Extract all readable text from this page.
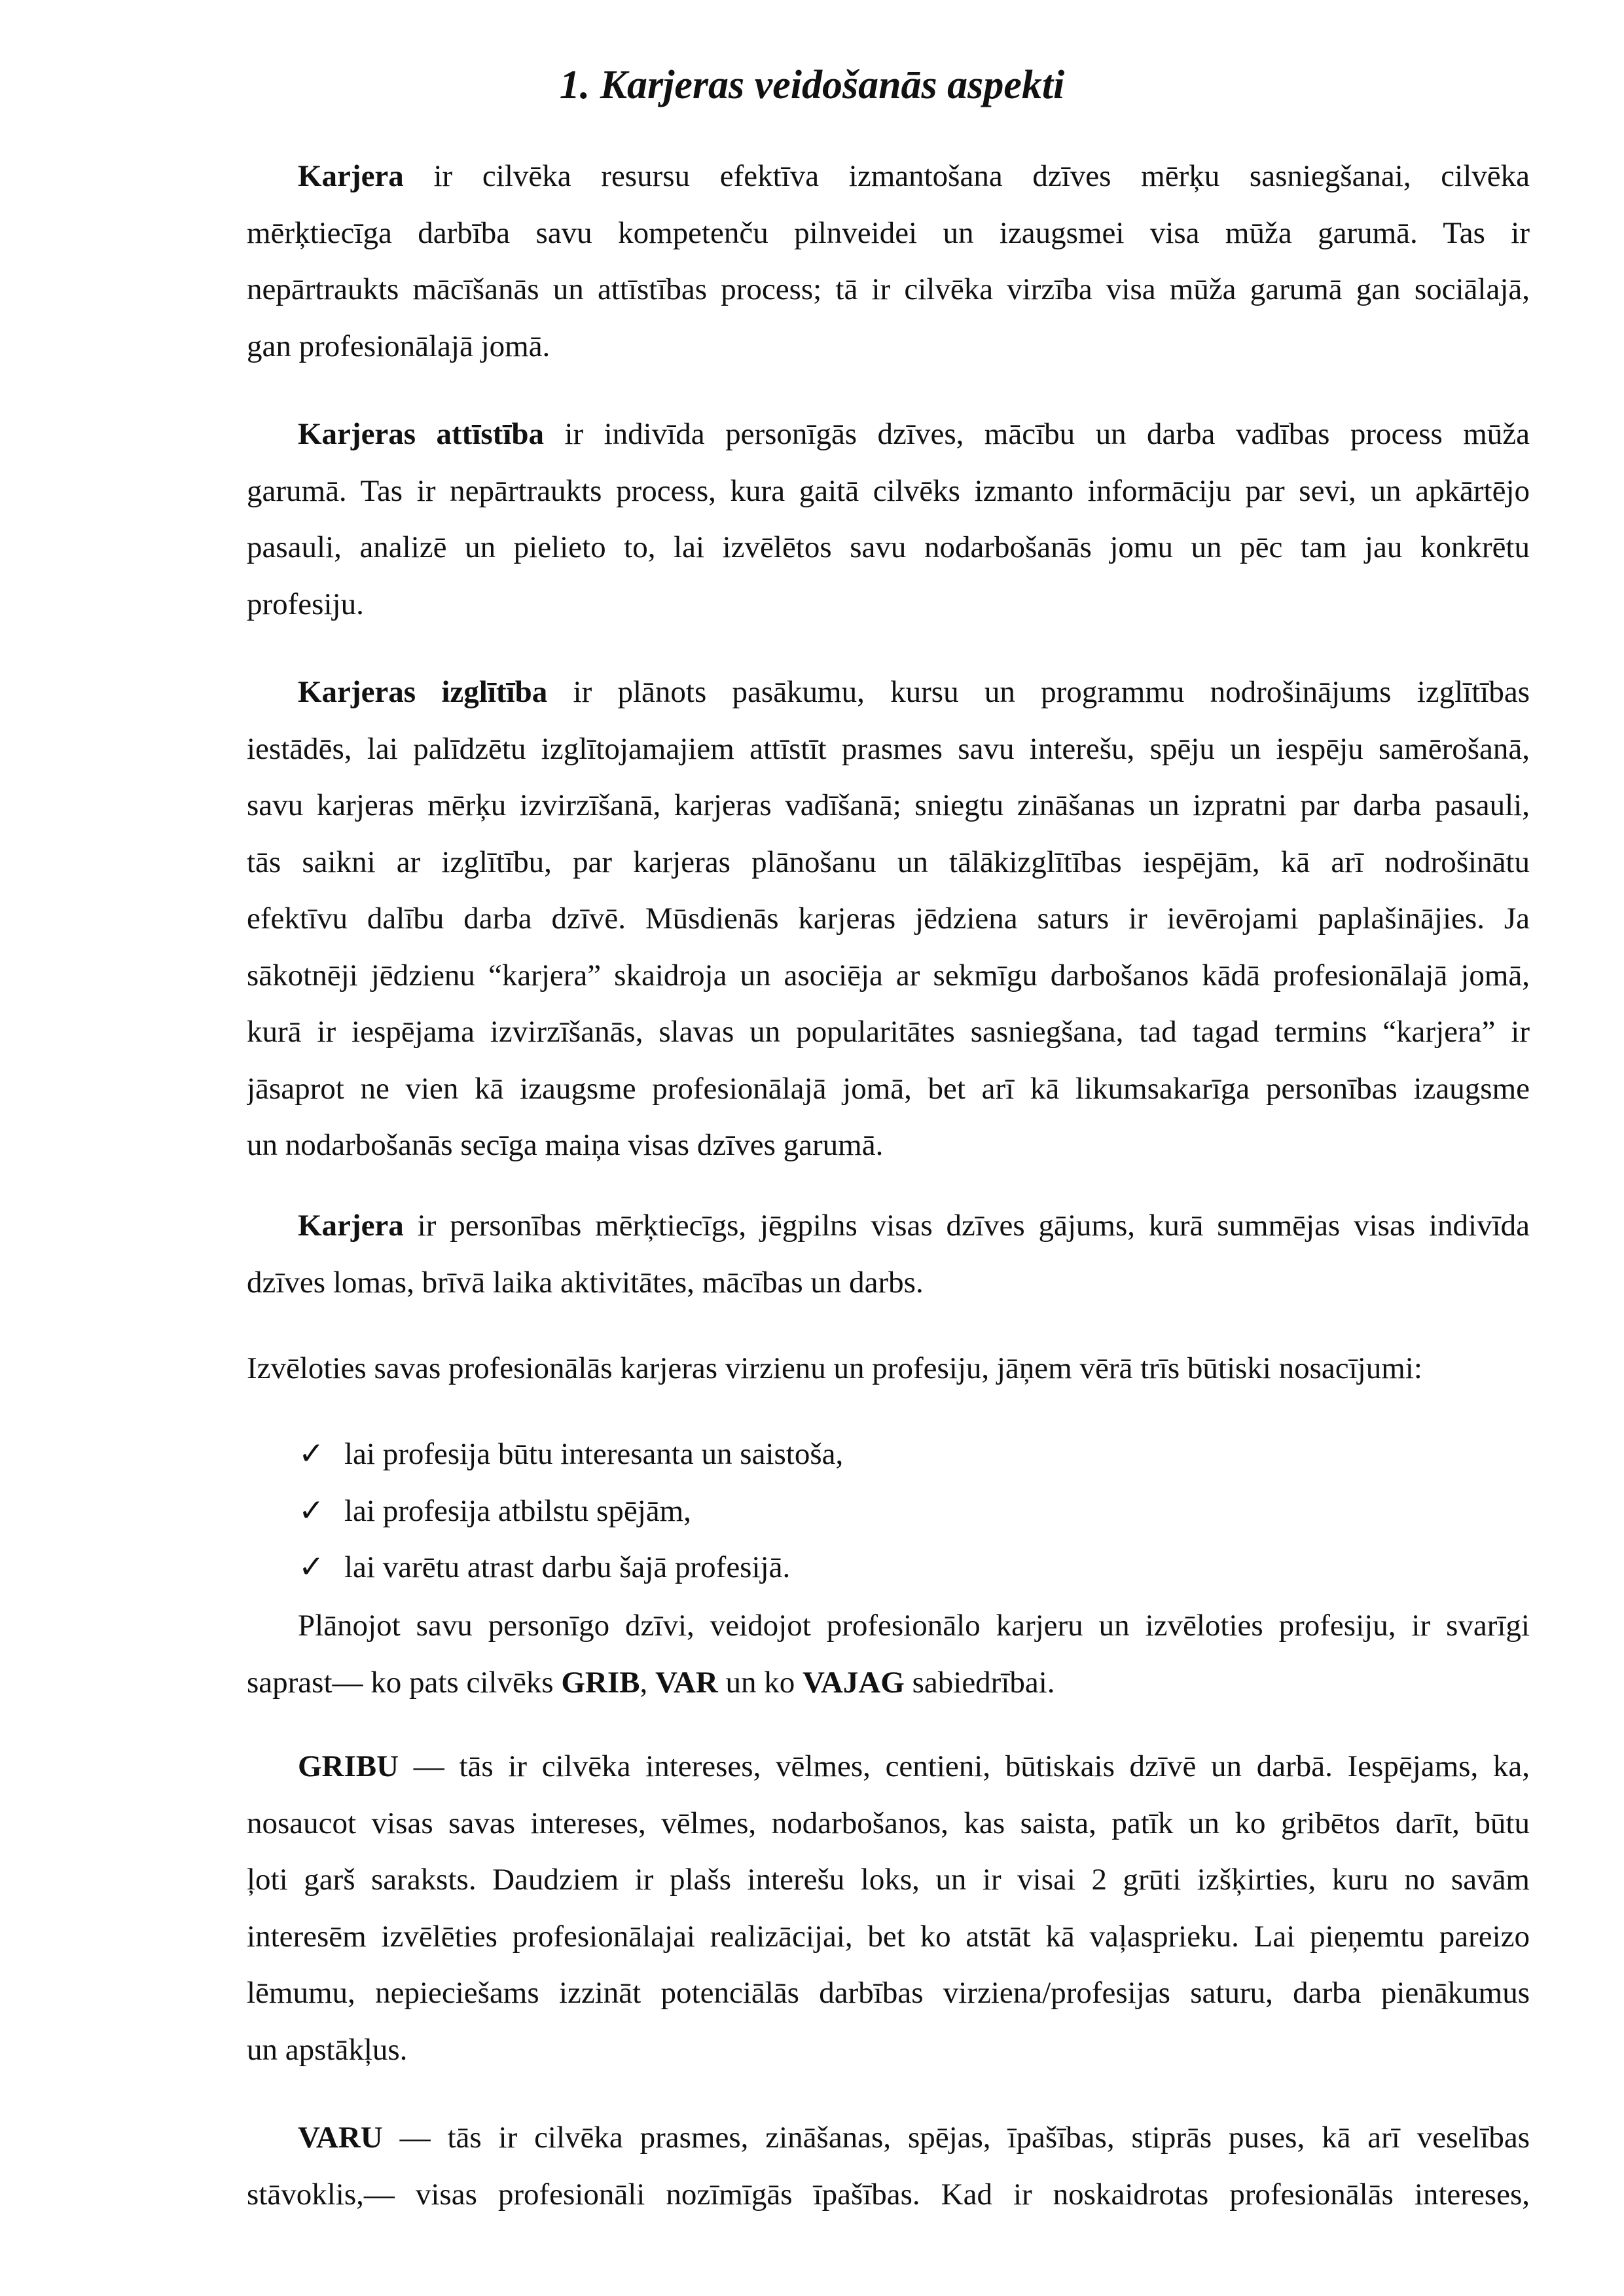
1. Karjeras veidošanās aspekti
Karjera ir cilvēka resursu efektīva izmantošana dzīves mērķu sasniegšanai, cilvēka
mērķtiecīga darbība savu kompetenču pilnveidei un izaugsmei visa mūža garumā. Tas ir
nepārtraukts mācīšanās un attīstības process; tā ir cilvēka virzība visa mūža garumā gan sociālajā,
gan profesionālajā jomā.
Karjeras attīstība ir indivīda personīgās dzīves, mācību un darba vadības process mūža
garumā. Tas ir nepārtraukts process, kura gaitā cilvēks izmanto informāciju par sevi, un apkārtējo
pasauli, analizē un pielieto to, lai izvēlētos savu nodarbošanās jomu un pēc tam jau konkrētu
profesiju.
Karjeras izglītība ir plānots pasākumu, kursu un programmu nodrošinājums izglītības
iestādēs, lai palīdzētu izglītojamajiem attīstīt prasmes savu interešu, spēju un iespēju samērošanā,
savu karjeras mērķu izvirzīšanā, karjeras vadīšanā; sniegtu zināšanas un izpratni par darba pasauli,
tās saikni ar izglītību, par karjeras plānošanu un tālākizglītības iespējām, kā arī nodrošinātu
efektīvu dalību darba dzīvē. Mūsdienās karjeras jēdziena saturs ir ievērojami paplašinājies. Ja
sākotnēji jēdzienu “karjera” skaidroja un asociēja ar sekmīgu darbošanos kādā profesionālajā jomā,
kurā ir iespējama izvirzīšanās, slavas un popularitātes sasniegšana, tad tagad termins “karjera” ir
jāsaprot ne vien kā izaugsme profesionālajā jomā, bet arī kā likumsakarīga personības izaugsme
un nodarbošanās secīga maiņa visas dzīves garumā.
Karjera ir personības mērķtiecīgs, jēgpilns visas dzīves gājums, kurā summējas visas indivīda
dzīves lomas, brīvā laika aktivitātes, mācības un darbs.
Izvēloties savas profesionālās karjeras virzienu un profesiju, jāņem vērā trīs būtiski nosacījumi:
✓ lai profesija būtu interesanta un saistoša,
✓ lai profesija atbilstu spējām,
✓ lai varētu atrast darbu šajā profesijā.
Plānojot savu personīgo dzīvi, veidojot profesionālo karjeru un izvēloties profesiju, ir svarīgi
saprast— ko pats cilvēks GRIB, VAR un ko VAJAG sabiedrībai.
GRIBU — tās ir cilvēka intereses, vēlmes, centieni, būtiskais dzīvē un darbā. Iespējams, ka,
nosaucot visas savas intereses, vēlmes, nodarbošanos, kas saista, patīk un ko gribētos darīt, būtu
ļoti garš saraksts. Daudziem ir plašs interešu loks, un ir visai 2 grūti izšķirties, kuru no savām
interesēm izvēlēties profesionālajai realizācijai, bet ko atstāt kā vaļasprieku. Lai pieņemtu pareizo
lēmumu, nepieciešams izzināt potenciālās darbības virziena/profesijas saturu, darba pienākumus
un apstākļus.
VARU — tās ir cilvēka prasmes, zināšanas, spējas, īpašības, stiprās puses, kā arī veselības
stāvoklis,— visas profesionāli nozīmīgās īpašības. Kad ir noskaidrotas profesionālās intereses,
